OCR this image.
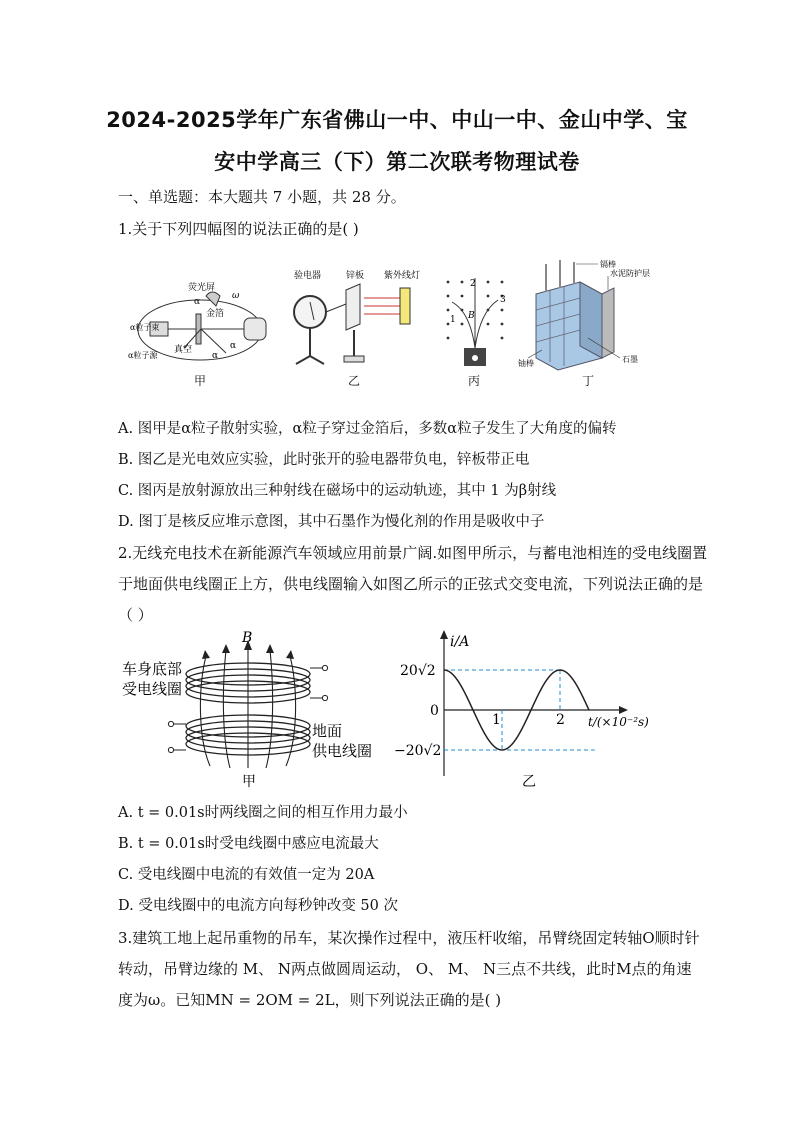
2024-2025学年广东省佛山一中、中山一中、金山中学、宝
安中学高三（下）第二次联考物理试卷
一、单选题：本大题共 7 小题，共 28 分。
1.关于下列四幅图的说法正确的是( )
荧光屏
α
金箔
α粒子束
α粒子源
真空
α
α
ω
甲
验电器	锌板 紫外线灯
乙
1
2
3
B
丙
镉棒
水泥防护层
铀棒	石墨
丁
A. 图甲是α粒子散射实验，α粒子穿过金箔后，多数α粒子发生了大角度的偏转
B. 图乙是光电效应实验，此时张开的验电器带负电，锌板带正电
C. 图丙是放射源放出三种射线在磁场中的运动轨迹，其中 1 为β射线
D. 图丁是核反应堆示意图，其中石墨作为慢化剂的作用是吸收中子
2.无线充电技术在新能源汽车领域应用前景广阔.如图甲所示，与蓄电池相连的受电线圈置
于地面供电线圈正上方，供电线圈输入如图乙所示的正弦式交变电流，下列说法正确的是
（ ）
B
车身底部
受电线圈
地面
供电线圈
甲
i/A
t/(×10⁻²s)
20√2
−20√2
0
1	2
乙
A. t = 0.01s时两线圈之间的相互作用力最小
B. t = 0.01s时受电线圈中感应电流最大
C. 受电线圈中电流的有效值一定为 20A
D. 受电线圈中的电流方向每秒钟改变 50 次
3.建筑工地上起吊重物的吊车，某次操作过程中，液压杆收缩，吊臂绕固定转轴O顺时针
转动，吊臂边缘的 M、 N两点做圆周运动， O、 M、 N三点不共线，此时M点的角速
度为ω。已知MN = 2OM = 2L，则下列说法正确的是( )
